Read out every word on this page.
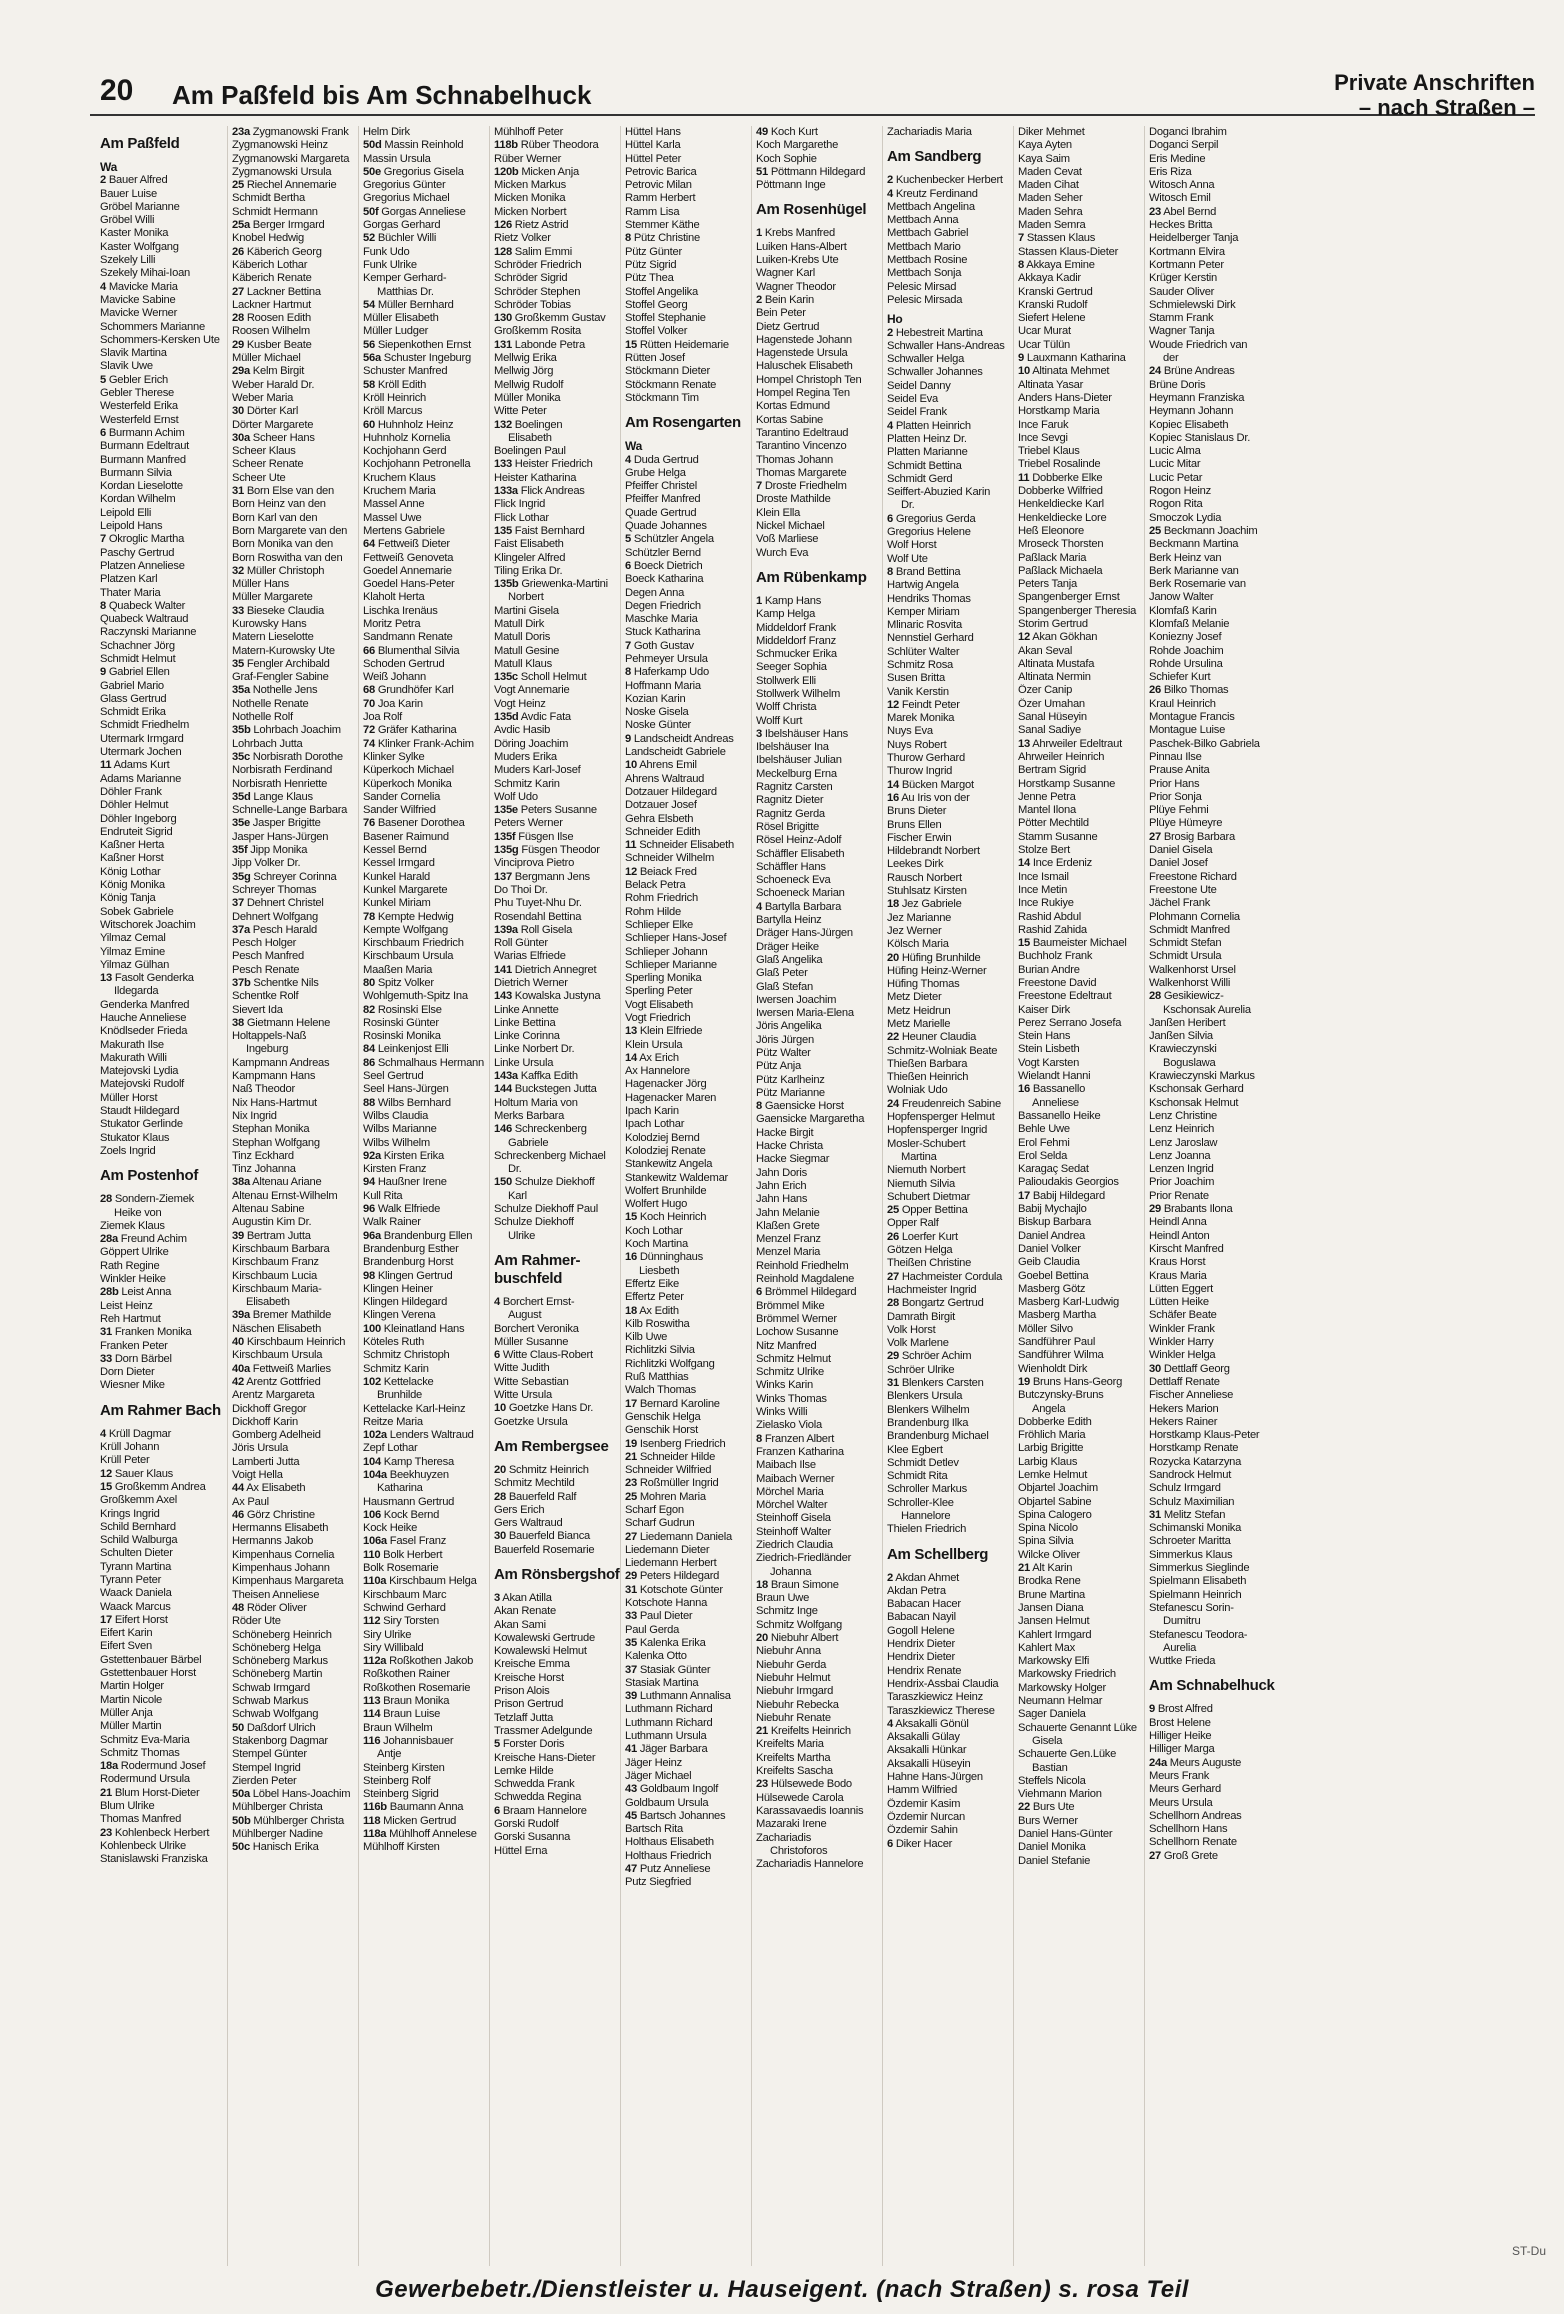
20 Am Paßfeld bis Am Schnabelhuck	Private Anschriften
– nach Straßen –
Am Paßfeld
Wa
2 Bauer Alfred
Bauer Luise
Gröbel Marianne
Gröbel Willi
Kaster Monika
Kaster Wolfgang
Szekely Lilli
Szekely Mihai-Ioan
4 Mavicke Maria
Mavicke Sabine
Mavicke Werner
Schommers Marianne
Schommers-Kersken Ute
Slavik Martina
Slavik Uwe
5 Gebler Erich
Gebler Therese
Westerfeld Erika
Westerfeld Ernst
6 Burmann Achim
Burmann Edeltraut
Burmann Manfred
Burmann Silvia
Kordan Lieselotte
Kordan Wilhelm
Leipold Elli
Leipold Hans
7 Okroglic Martha
Paschy Gertrud
Platzen Anneliese
Platzen Karl
Thater Maria
8 Quabeck Walter
Quabeck Waltraud
Raczynski Marianne
Schachner Jörg
Schmidt Helmut
9 Gabriel Ellen
Gabriel Mario
Glass Gertrud
Schmidt Erika
Schmidt Friedhelm
Utermark Irmgard
Utermark Jochen
11 Adams Kurt
Adams Marianne
Döhler Frank
Döhler Helmut
Döhler Ingeborg
Endruteit Sigrid
Kaßner Herta
Kaßner Horst
König Lothar
König Monika
König Tanja
Sobek Gabriele
Witschorek Joachim
Yilmaz Cemal
Yilmaz Emine
Yilmaz Gülhan
13 Fasolt Genderka
Ildegarda
Genderka Manfred
Hauche Anneliese
Knödlseder Frieda
Makurath Ilse
Makurath Willi
Matejovski Lydia
Matejovski Rudolf
Müller Horst
Staudt Hildegard
Stukator Gerlinde
Stukator Klaus
Zoels Ingrid
Am Postenhof
28 Sondern-Ziemek
Heike von
Ziemek Klaus
28a Freund Achim
Göppert Ulrike
Rath Regine
Winkler Heike
28b Leist Anna
Leist Heinz
Reh Hartmut
31 Franken Monika
Franken Peter
33 Dorn Bärbel
Dorn Dieter
Wiesner Mike
Am Rahmer Bach
4 Krüll Dagmar
Krüll Johann
Krüll Peter
12 Sauer Klaus
15 Großkemm Andrea
Großkemm Axel
Krings Ingrid
Schild Bernhard
Schild Walburga
Schulten Dieter
Tyrann Martina
Tyrann Peter
Waack Daniela
Waack Marcus
17 Eifert Horst
Eifert Karin
Eifert Sven
Gstettenbauer Bärbel
Gstettenbauer Horst
Martin Holger
Martin Nicole
Müller Anja
Müller Martin
Schmitz Eva-Maria
Schmitz Thomas
18a Rodermund Josef
Rodermund Ursula
21 Blum Horst-Dieter
Blum Ulrike
Thomas Manfred
23 Kohlenbeck Herbert
Kohlenbeck Ulrike
Stanislawski Franziska
23a Zygmanowski Frank
Zygmanowski Heinz
Zygmanowski Margareta
Zygmanowski Ursula
25 Riechel Annemarie
Schmidt Bertha
Schmidt Hermann
25a Berger Irmgard
Knobel Hedwig
26 Käberich Georg
Käberich Lothar
Käberich Renate
27 Lackner Bettina
Lackner Hartmut
28 Roosen Edith
Roosen Wilhelm
29 Kusber Beate
Müller Michael
29a Kelm Birgit
Weber Harald Dr.
Weber Maria
30 Dörter Karl
Dörter Margarete
30a Scheer Hans
Scheer Klaus
Scheer Renate
Scheer Ute
31 Born Else van den
Born Heinz van den
Born Karl van den
Born Margarete van den
Born Monika van den
Born Roswitha van den
32 Müller Christoph
Müller Hans
Müller Margarete
33 Bieseke Claudia
Kurowsky Hans
Matern Lieselotte
Matern-Kurowsky Ute
35 Fengler Archibald
Graf-Fengler Sabine
35a Nothelle Jens
Nothelle Renate
Nothelle Rolf
35b Lohrbach Joachim
Lohrbach Jutta
35c Norbisrath Dorothe
Norbisrath Ferdinand
Norbisrath Henriette
35d Lange Klaus
Schnelle-Lange Barbara
35e Jasper Brigitte
Jasper Hans-Jürgen
35f Jipp Monika
Jipp Volker Dr.
35g Schreyer Corinna
Schreyer Thomas
37 Dehnert Christel
Dehnert Wolfgang
37a Pesch Harald
Pesch Holger
Pesch Manfred
Pesch Renate
37b Schentke Nils
Schentke Rolf
Sievert Ida
38 Gietmann Helene
Holtappels-Naß
Ingeburg
Kampmann Andreas
Kampmann Hans
Naß Theodor
Nix Hans-Hartmut
Nix Ingrid
Stephan Monika
Stephan Wolfgang
Tinz Eckhard
Tinz Johanna
38a Altenau Ariane
Altenau Ernst-Wilhelm
Altenau Sabine
Augustin Kim Dr.
39 Bertram Jutta
Kirschbaum Barbara
Kirschbaum Franz
Kirschbaum Lucia
Kirschbaum Maria-
Elisabeth
39a Bremer Mathilde
Näschen Elisabeth
40 Kirschbaum Heinrich
Kirschbaum Ursula
40a Fettweiß Marlies
42 Arentz Gottfried
Arentz Margareta
Dickhoff Gregor
Dickhoff Karin
Gomberg Adelheid
Jöris Ursula
Lamberti Jutta
Voigt Hella
44 Ax Elisabeth
Ax Paul
46 Görz Christine
Hermanns Elisabeth
Hermanns Jakob
Kimpenhaus Cornelia
Kimpenhaus Johann
Kimpenhaus Margareta
Theisen Anneliese
48 Röder Oliver
Röder Ute
Schöneberg Heinrich
Schöneberg Helga
Schöneberg Markus
Schöneberg Martin
Schwab Irmgard
Schwab Markus
Schwab Wolfgang
50 Daßdorf Ulrich
Stakenborg Dagmar
Stempel Günter
Stempel Ingrid
Zierden Peter
50a Löbel Hans-Joachim
Mühlberger Christa
50b Mühlberger Christa
Mühlberger Nadine
50c Hanisch Erika
Helm Dirk
50d Massin Reinhold
Massin Ursula
50e Gregorius Gisela
Gregorius Günter
Gregorius Michael
50f Gorgas Anneliese
Gorgas Gerhard
52 Büchler Willi
Funk Udo
Funk Ulrike
Kemper Gerhard-
Matthias Dr.
54 Müller Bernhard
Müller Elisabeth
Müller Ludger
56 Siepenkothen Ernst
56a Schuster Ingeburg
Schuster Manfred
58 Kröll Edith
Kröll Heinrich
Kröll Marcus
60 Huhnholz Heinz
Huhnholz Kornelia
Kochjohann Gerd
Kochjohann Petronella
Kruchem Klaus
Kruchem Maria
Massel Anne
Massel Uwe
Mertens Gabriele
64 Fettweiß Dieter
Fettweiß Genoveta
Goedel Annemarie
Goedel Hans-Peter
Klaholt Herta
Lischka Irenäus
Moritz Petra
Sandmann Renate
66 Blumenthal Silvia
Schoden Gertrud
Weiß Johann
68 Grundhöfer Karl
70 Joa Karin
Joa Rolf
72 Gräfer Katharina
74 Klinker Frank-Achim
Klinker Sylke
Küperkoch Michael
Küperkoch Monika
Sander Cornelia
Sander Wilfried
76 Basener Dorothea
Basener Raimund
Kessel Bernd
Kessel Irmgard
Kunkel Harald
Kunkel Margarete
Kunkel Miriam
78 Kempte Hedwig
Kempte Wolfgang
Kirschbaum Friedrich
Kirschbaum Ursula
Maaßen Maria
80 Spitz Volker
Wohlgemuth-Spitz Ina
82 Rosinski Else
Rosinski Günter
Rosinski Monika
84 Leinkenjost Elli
86 Schmalhaus Hermann
Seel Gertrud
Seel Hans-Jürgen
88 Wilbs Bernhard
Wilbs Claudia
Wilbs Marianne
Wilbs Wilhelm
92a Kirsten Erika
Kirsten Franz
94 Haußner Irene
Kull Rita
96 Walk Elfriede
Walk Rainer
96a Brandenburg Ellen
Brandenburg Esther
Brandenburg Horst
98 Klingen Gertrud
Klingen Heiner
Klingen Hildegard
Klingen Verena
100 Kleinatland Hans
Köteles Ruth
Schmitz Christoph
Schmitz Karin
102 Kettelacke
Brunhilde
Kettelacke Karl-Heinz
Reitze Maria
102a Lenders Waltraud
Zepf Lothar
104 Kamp Theresa
104a Beekhuyzen
Katharina
Hausmann Gertrud
106 Kock Bernd
Kock Heike
106a Fasel Franz
110 Bolk Herbert
Bolk Rosemarie
110a Kirschbaum Helga
Kirschbaum Marc
Schwind Gerhard
112 Siry Torsten
Siry Ulrike
Siry Willibald
112a Roßkothen Jakob
Roßkothen Rainer
Roßkothen Rosemarie
113 Braun Monika
114 Braun Luise
Braun Wilhelm
116 Johannisbauer
Antje
Steinberg Kirsten
Steinberg Rolf
Steinberg Sigrid
116b Baumann Anna
118 Micken Gertrud
118a Mühlhoff Annelese
Mühlhoff Kirsten
Mühlhoff Peter
118b Rüber Theodora
Rüber Werner
120b Micken Anja
Micken Markus
Micken Monika
Micken Norbert
126 Rietz Astrid
Rietz Volker
128 Salim Emmi
Schröder Friedrich
Schröder Sigrid
Schröder Stephen
Schröder Tobias
130 Großkemm Gustav
Großkemm Rosita
131 Labonde Petra
Mellwig Erika
Mellwig Jörg
Mellwig Rudolf
Müller Monika
Witte Peter
132 Boelingen
Elisabeth
Boelingen Paul
133 Heister Friedrich
Heister Katharina
133a Flick Andreas
Flick Ingrid
Flick Lothar
135 Faist Bernhard
Faist Elisabeth
Klingeler Alfred
Tiling Erika Dr.
135b Griewenka-Martini
Norbert
Martini Gisela
Matull Dirk
Matull Doris
Matull Gesine
Matull Klaus
135c Scholl Helmut
Vogt Annemarie
Vogt Heinz
135d Avdic Fata
Avdic Hasib
Döring Joachim
Muders Erika
Muders Karl-Josef
Schmitz Karin
Wolf Udo
135e Peters Susanne
Peters Werner
135f Füsgen Ilse
135g Füsgen Theodor
Vinciprova Pietro
137 Bergmann Jens
Do Thoi Dr.
Phu Tuyet-Nhu Dr.
Rosendahl Bettina
139a Roll Gisela
Roll Günter
Warias Elfriede
141 Dietrich Annegret
Dietrich Werner
143 Kowalska Justyna
Linke Annette
Linke Bettina
Linke Corinna
Linke Norbert Dr.
Linke Ursula
143a Kaffka Edith
144 Buckstegen Jutta
Holtum Maria von
Merks Barbara
146 Schreckenberg
Gabriele
Schreckenberg Michael
Dr.
150 Schulze Diekhoff
Karl
Schulze Diekhoff Paul
Schulze Diekhoff
Ulrike
Am Rahmer-buschfeld
4 Borchert Ernst-
August
Borchert Veronika
Müller Susanne
6 Witte Claus-Robert
Witte Judith
Witte Sebastian
Witte Ursula
10 Goetzke Hans Dr.
Goetzke Ursula
Am Rembergsee
20 Schmitz Heinrich
Schmitz Mechtild
28 Bauerfeld Ralf
Gers Erich
Gers Waltraud
30 Bauerfeld Bianca
Bauerfeld Rosemarie
Am Rönsbergshof
3 Akan Atilla
Akan Renate
Akan Sami
Kowalewski Gertrude
Kowalewski Helmut
Kreische Emma
Kreische Horst
Prison Alois
Prison Gertrud
Tetzlaff Jutta
Trassmer Adelgunde
5 Forster Doris
Kreische Hans-Dieter
Lemke Hilde
Schwedda Frank
Schwedda Regina
6 Braam Hannelore
Gorski Rudolf
Gorski Susanna
Hüttel Erna
Hüttel Hans
Hüttel Karla
Hüttel Peter
Petrovic Barica
Petrovic Milan
Ramm Herbert
Ramm Lisa
Stemmer Käthe
8 Pütz Christine
Pütz Günter
Pütz Sigrid
Pütz Thea
Stoffel Angelika
Stoffel Georg
Stoffel Stephanie
Stoffel Volker
15 Rütten Heidemarie
Rütten Josef
Stöckmann Dieter
Stöckmann Renate
Stöckmann Tim
Am Rosengarten
Wa
4 Duda Gertrud
Grube Helga
Pfeiffer Christel
Pfeiffer Manfred
Quade Gertrud
Quade Johannes
5 Schützler Angela
Schützler Bernd
6 Boeck Dietrich
Boeck Katharina
Degen Anna
Degen Friedrich
Maschke Maria
Stuck Katharina
7 Goth Gustav
Pehmeyer Ursula
8 Haferkamp Udo
Hoffmann Maria
Kozian Karin
Noske Gisela
Noske Günter
9 Landscheidt Andreas
Landscheidt Gabriele
10 Ahrens Emil
Ahrens Waltraud
Dotzauer Hildegard
Dotzauer Josef
Gehra Elsbeth
Schneider Edith
11 Schneider Elisabeth
Schneider Wilhelm
12 Beiack Fred
Belack Petra
Rohm Friedrich
Rohm Hilde
Schlieper Elke
Schlieper Hans-Josef
Schlieper Johann
Schlieper Marianne
Sperling Monika
Sperling Peter
Vogt Elisabeth
Vogt Friedrich
13 Klein Elfriede
Klein Ursula
14 Ax Erich
Ax Hannelore
Hagenacker Jörg
Hagenacker Maren
Ipach Karin
Ipach Lothar
Kolodziej Bernd
Kolodziej Renate
Stankewitz Angela
Stankewitz Waldemar
Wolfert Brunhilde
Wolfert Hugo
15 Koch Heinrich
Koch Lothar
Koch Martina
16 Dünninghaus
Liesbeth
Effertz Eike
Effertz Peter
18 Ax Edith
Kilb Roswitha
Kilb Uwe
Richlitzki Silvia
Richlitzki Wolfgang
Ruß Matthias
Walch Thomas
17 Bernard Karoline
Genschik Helga
Genschik Horst
19 Isenberg Friedrich
21 Schneider Hilde
Schneider Wilfried
23 Roßmüller Ingrid
25 Mohren Maria
Scharf Egon
Scharf Gudrun
27 Liedemann Daniela
Liedemann Dieter
Liedemann Herbert
29 Peters Hildegard
31 Kotschote Günter
Kotschote Hanna
33 Paul Dieter
Paul Gerda
35 Kalenka Erika
Kalenka Otto
37 Stasiak Günter
Stasiak Martina
39 Luthmann Annalisa
Luthmann Richard
Luthmann Richard
Luthmann Ursula
41 Jäger Barbara
Jäger Heinz
Jäger Michael
43 Goldbaum Ingolf
Goldbaum Ursula
45 Bartsch Johannes
Bartsch Rita
Holthaus Elisabeth
Holthaus Friedrich
47 Putz Anneliese
Putz Siegfried
49 Koch Kurt
Koch Margarethe
Koch Sophie
51 Pöttmann Hildegard
Pöttmann Inge
Am Rosenhügel
1 Krebs Manfred
Luiken Hans-Albert
Luiken-Krebs Ute
Wagner Karl
Wagner Theodor
2 Bein Karin
Bein Peter
Dietz Gertrud
Hagenstede Johann
Hagenstede Ursula
Haluschek Elisabeth
Hompel Christoph Ten
Hompel Regina Ten
Kortas Edmund
Kortas Sabine
Tarantino Edeltraud
Tarantino Vincenzo
Thomas Johann
Thomas Margarete
7 Droste Friedhelm
Droste Mathilde
Klein Ella
Nickel Michael
Voß Marliese
Wurch Eva
Am Rübenkamp
1 Kamp Hans
Kamp Helga
Middeldorf Frank
Middeldorf Franz
Schmucker Erika
Seeger Sophia
Stollwerk Elli
Stollwerk Wilhelm
Wolff Christa
Wolff Kurt
3 Ibelshäuser Hans
Ibelshäuser Ina
Ibelshäuser Julian
Meckelburg Erna
Ragnitz Carsten
Ragnitz Dieter
Ragnitz Gerda
Rösel Brigitte
Rösel Heinz-Adolf
Schäffler Elisabeth
Schäffler Hans
Schoeneck Eva
Schoeneck Marian
4 Bartylla Barbara
Bartylla Heinz
Dräger Hans-Jürgen
Dräger Heike
Glaß Angelika
Glaß Peter
Glaß Stefan
Iwersen Joachim
Iwersen Maria-Elena
Jöris Angelika
Jöris Jürgen
Pütz Walter
Pütz Anja
Pütz Karlheinz
Pütz Marianne
8 Gaensicke Horst
Gaensicke Margaretha
Hacke Birgit
Hacke Christa
Hacke Siegmar
Jahn Doris
Jahn Erich
Jahn Hans
Jahn Melanie
Klaßen Grete
Menzel Franz
Menzel Maria
Reinhold Friedhelm
Reinhold Magdalene
6 Brömmel Hildegard
Brömmel Mike
Brömmel Werner
Lochow Susanne
Nitz Manfred
Schmitz Helmut
Schmitz Ulrike
Winks Karin
Winks Thomas
Winks Willi
Zielasko Viola
8 Franzen Albert
Franzen Katharina
Maibach Ilse
Maibach Werner
Mörchel Maria
Mörchel Walter
Steinhoff Gisela
Steinhoff Walter
Ziedrich Claudia
Ziedrich-Friedländer
Johanna
18 Braun Simone
Braun Uwe
Schmitz Inge
Schmitz Wolfgang
20 Niebuhr Albert
Niebuhr Anna
Niebuhr Gerda
Niebuhr Helmut
Niebuhr Irmgard
Niebuhr Rebecka
Niebuhr Renate
21 Kreifelts Heinrich
Kreifelts Maria
Kreifelts Martha
Kreifelts Sascha
23 Hülsewede Bodo
Hülsewede Carola
Karassavaedis Ioannis
Mazaraki Irene
Zachariadis
Christoforos
Zachariadis Hannelore
Zachariadis Maria
Am Sandberg
2 Kuchenbecker Herbert
4 Kreutz Ferdinand
Mettbach Angelina
Mettbach Anna
Mettbach Gabriel
Mettbach Mario
Mettbach Rosine
Mettbach Sonja
Pelesic Mirsad
Pelesic Mirsada
Ho
2 Hebestreit Martina
Schwaller Hans-Andreas
Schwaller Helga
Schwaller Johannes
Seidel Danny
Seidel Eva
Seidel Frank
4 Platten Heinrich
Platten Heinz Dr.
Platten Marianne
Schmidt Bettina
Schmidt Gerd
Seiffert-Abuzied Karin
Dr.
6 Gregorius Gerda
Gregorius Helene
Wolf Horst
Wolf Ute
8 Brand Bettina
Hartwig Angela
Hendriks Thomas
Kemper Miriam
Mlinaric Rosvita
Nennstiel Gerhard
Schlüter Walter
Schmitz Rosa
Susen Britta
Vanik Kerstin
12 Feindt Peter
Marek Monika
Nuys Eva
Nuys Robert
Thurow Gerhard
Thurow Ingrid
14 Bücken Margot
16 Au Iris von der
Bruns Dieter
Bruns Ellen
Fischer Erwin
Hildebrandt Norbert
Leekes Dirk
Rausch Norbert
Stuhlsatz Kirsten
18 Jez Gabriele
Jez Marianne
Jez Werner
Kölsch Maria
20 Hüfing Brunhilde
Hüfing Heinz-Werner
Hüfing Thomas
Metz Dieter
Metz Heidrun
Metz Marielle
22 Heuner Claudia
Schmitz-Wolniak Beate
Thießen Barbara
Thießen Heinrich
Wolniak Udo
24 Freudenreich Sabine
Hopfensperger Helmut
Hopfensperger Ingrid
Mosler-Schubert
Martina
Niemuth Norbert
Niemuth Silvia
Schubert Dietmar
25 Opper Bettina
Opper Ralf
26 Loerfer Kurt
Götzen Helga
Theißen Christine
27 Hachmeister Cordula
Hachmeister Ingrid
28 Bongartz Gertrud
Damrath Birgit
Volk Horst
Volk Marlene
29 Schröer Achim
Schröer Ulrike
31 Blenkers Carsten
Blenkers Ursula
Blenkers Wilhelm
Brandenburg Ilka
Brandenburg Michael
Klee Egbert
Schmidt Detlev
Schmidt Rita
Schroller Markus
Schroller-Klee
Hannelore
Thielen Friedrich
Am Schellberg
2 Akdan Ahmet
Akdan Petra
Babacan Hacer
Babacan Nayil
Gogoll Helene
Hendrix Dieter
Hendrix Dieter
Hendrix Renate
Hendrix-Assbai Claudia
Taraszkiewicz Heinz
Taraszkiewicz Therese
4 Aksakalli Gönül
Aksakalli Gülay
Aksakalli Hünkar
Aksakalli Hüseyin
Hahne Hans-Jürgen
Hamm Wilfried
Özdemir Kasim
Özdemir Nurcan
Özdemir Sahin
6 Diker Hacer
Diker Mehmet
Kaya Ayten
Kaya Saim
Maden Cevat
Maden Cihat
Maden Seher
Maden Sehra
Maden Semra
7 Stassen Klaus
Stassen Klaus-Dieter
8 Akkaya Emine
Akkaya Kadir
Kranski Gertrud
Kranski Rudolf
Siefert Helene
Ucar Murat
Ucar Tülün
9 Lauxmann Katharina
10 Altinata Mehmet
Altinata Yasar
Anders Hans-Dieter
Horstkamp Maria
Ince Faruk
Ince Sevgi
Triebel Klaus
Triebel Rosalinde
11 Dobberke Elke
Dobberke Wilfried
Henkeldiecke Karl
Henkeldiecke Lore
Heß Eleonore
Mroseck Thorsten
Paßlack Maria
Paßlack Michaela
Peters Tanja
Spangenberger Ernst
Spangenberger Theresia
Storim Gertrud
12 Akan Gökhan
Akan Seval
Altinata Mustafa
Altinata Nermin
Özer Canip
Özer Umahan
Sanal Hüseyin
Sanal Sadiye
13 Ahrweiler Edeltraut
Ahrweiler Heinrich
Bertram Sigrid
Horstkamp Susanne
Jenne Petra
Mantel Ilona
Pötter Mechtild
Stamm Susanne
Stolze Bert
14 Ince Erdeniz
Ince Ismail
Ince Metin
Ince Rukiye
Rashid Abdul
Rashid Zahida
15 Baumeister Michael
Buchholz Frank
Burian Andre
Freestone David
Freestone Edeltraut
Kaiser Dirk
Perez Serrano Josefa
Stein Hans
Stein Lisbeth
Vogt Karsten
Wielandt Hanni
16 Bassanello
Anneliese
Bassanello Heike
Behle Uwe
Erol Fehmi
Erol Selda
Karagaç Sedat
Palioudakis Georgios
17 Babij Hildegard
Babij Mychajlo
Biskup Barbara
Daniel Andrea
Daniel Volker
Geib Claudia
Goebel Bettina
Masberg Götz
Masberg Karl-Ludwig
Masberg Martha
Möller Silvo
Sandführer Paul
Sandführer Wilma
Wienholdt Dirk
19 Bruns Hans-Georg
Butczynsky-Bruns
Angela
Dobberke Edith
Fröhlich Maria
Larbig Brigitte
Larbig Klaus
Lemke Helmut
Objartel Joachim
Objartel Sabine
Spina Calogero
Spina Nicolo
Spina Silvia
Wilcke Oliver
21 Alt Karin
Brodka Rene
Brune Martina
Jansen Diana
Jansen Helmut
Kahlert Irmgard
Kahlert Max
Markowsky Elfi
Markowsky Friedrich
Markowsky Holger
Neumann Helmar
Sager Daniela
Schauerte Genannt Lüke
Gisela
Schauerte Gen.Lüke
Bastian
Steffels Nicola
Viehmann Marion
22 Burs Ute
Burs Werner
Daniel Hans-Günter
Daniel Monika
Daniel Stefanie
Doganci Ibrahim
Doganci Serpil
Eris Medine
Eris Riza
Witosch Anna
Witosch Emil
23 Abel Bernd
Heckes Britta
Heidelberger Tanja
Kortmann Elvira
Kortmann Peter
Krüger Kerstin
Sauder Oliver
Schmielewski Dirk
Stamm Frank
Wagner Tanja
Woude Friedrich van
der
24 Brüne Andreas
Brüne Doris
Heymann Franziska
Heymann Johann
Kopiec Elisabeth
Kopiec Stanislaus Dr.
Lucic Alma
Lucic Mitar
Lucic Petar
Rogon Heinz
Rogon Rita
Smoczok Lydia
25 Beckmann Joachim
Beckmann Martina
Berk Heinz van
Berk Marianne van
Berk Rosemarie van
Janow Walter
Klomfaß Karin
Klomfaß Melanie
Koniezny Josef
Rohde Joachim
Rohde Ursulina
Schiefer Kurt
26 Bilko Thomas
Kraul Heinrich
Montague Francis
Montague Luise
Paschek-Bilko Gabriela
Pinnau Ilse
Prause Anita
Prior Hans
Prior Sonja
Plüye Fehmi
Plüye Hümeyre
27 Brosig Barbara
Daniel Gisela
Daniel Josef
Freestone Richard
Freestone Ute
Jächel Frank
Plohmann Cornelia
Schmidt Manfred
Schmidt Stefan
Schmidt Ursula
Walkenhorst Ursel
Walkenhorst Willi
28 Gesikiewicz-
Kschonsak Aurelia
Janßen Heribert
Janßen Silvia
Krawieczynski
Boguslawa
Krawieczynski Markus
Kschonsak Gerhard
Kschonsak Helmut
Lenz Christine
Lenz Heinrich
Lenz Jaroslaw
Lenz Joanna
Lenzen Ingrid
Prior Joachim
Prior Renate
29 Brabants Ilona
Heindl Anna
Heindl Anton
Kirscht Manfred
Kraus Horst
Kraus Maria
Lütten Eggert
Lütten Heike
Schäfer Beate
Winkler Frank
Winkler Harry
Winkler Helga
30 Dettlaff Georg
Dettlaff Renate
Fischer Anneliese
Hekers Marion
Hekers Rainer
Horstkamp Klaus-Peter
Horstkamp Renate
Rozycka Katarzyna
Sandrock Helmut
Schulz Irmgard
Schulz Maximilian
31 Melitz Stefan
Schimanski Monika
Schroeter Maritta
Simmerkus Klaus
Simmerkus Sieglinde
Spielmann Elisabeth
Spielmann Heinrich
Stefanescu Sorin-
Dumitru
Stefanescu Teodora-
Aurelia
Wuttke Frieda
Am Schnabelhuck
9 Brost Alfred
Brost Helene
Hilliger Heike
Hilliger Marga
24a Meurs Auguste
Meurs Frank
Meurs Gerhard
Meurs Ursula
Schellhorn Andreas
Schellhorn Hans
Schellhorn Renate
27 Groß Grete
ST-Du
Gewerbebetr./Dienstleister u. Hauseigent. (nach Straßen) s. rosa Teil
